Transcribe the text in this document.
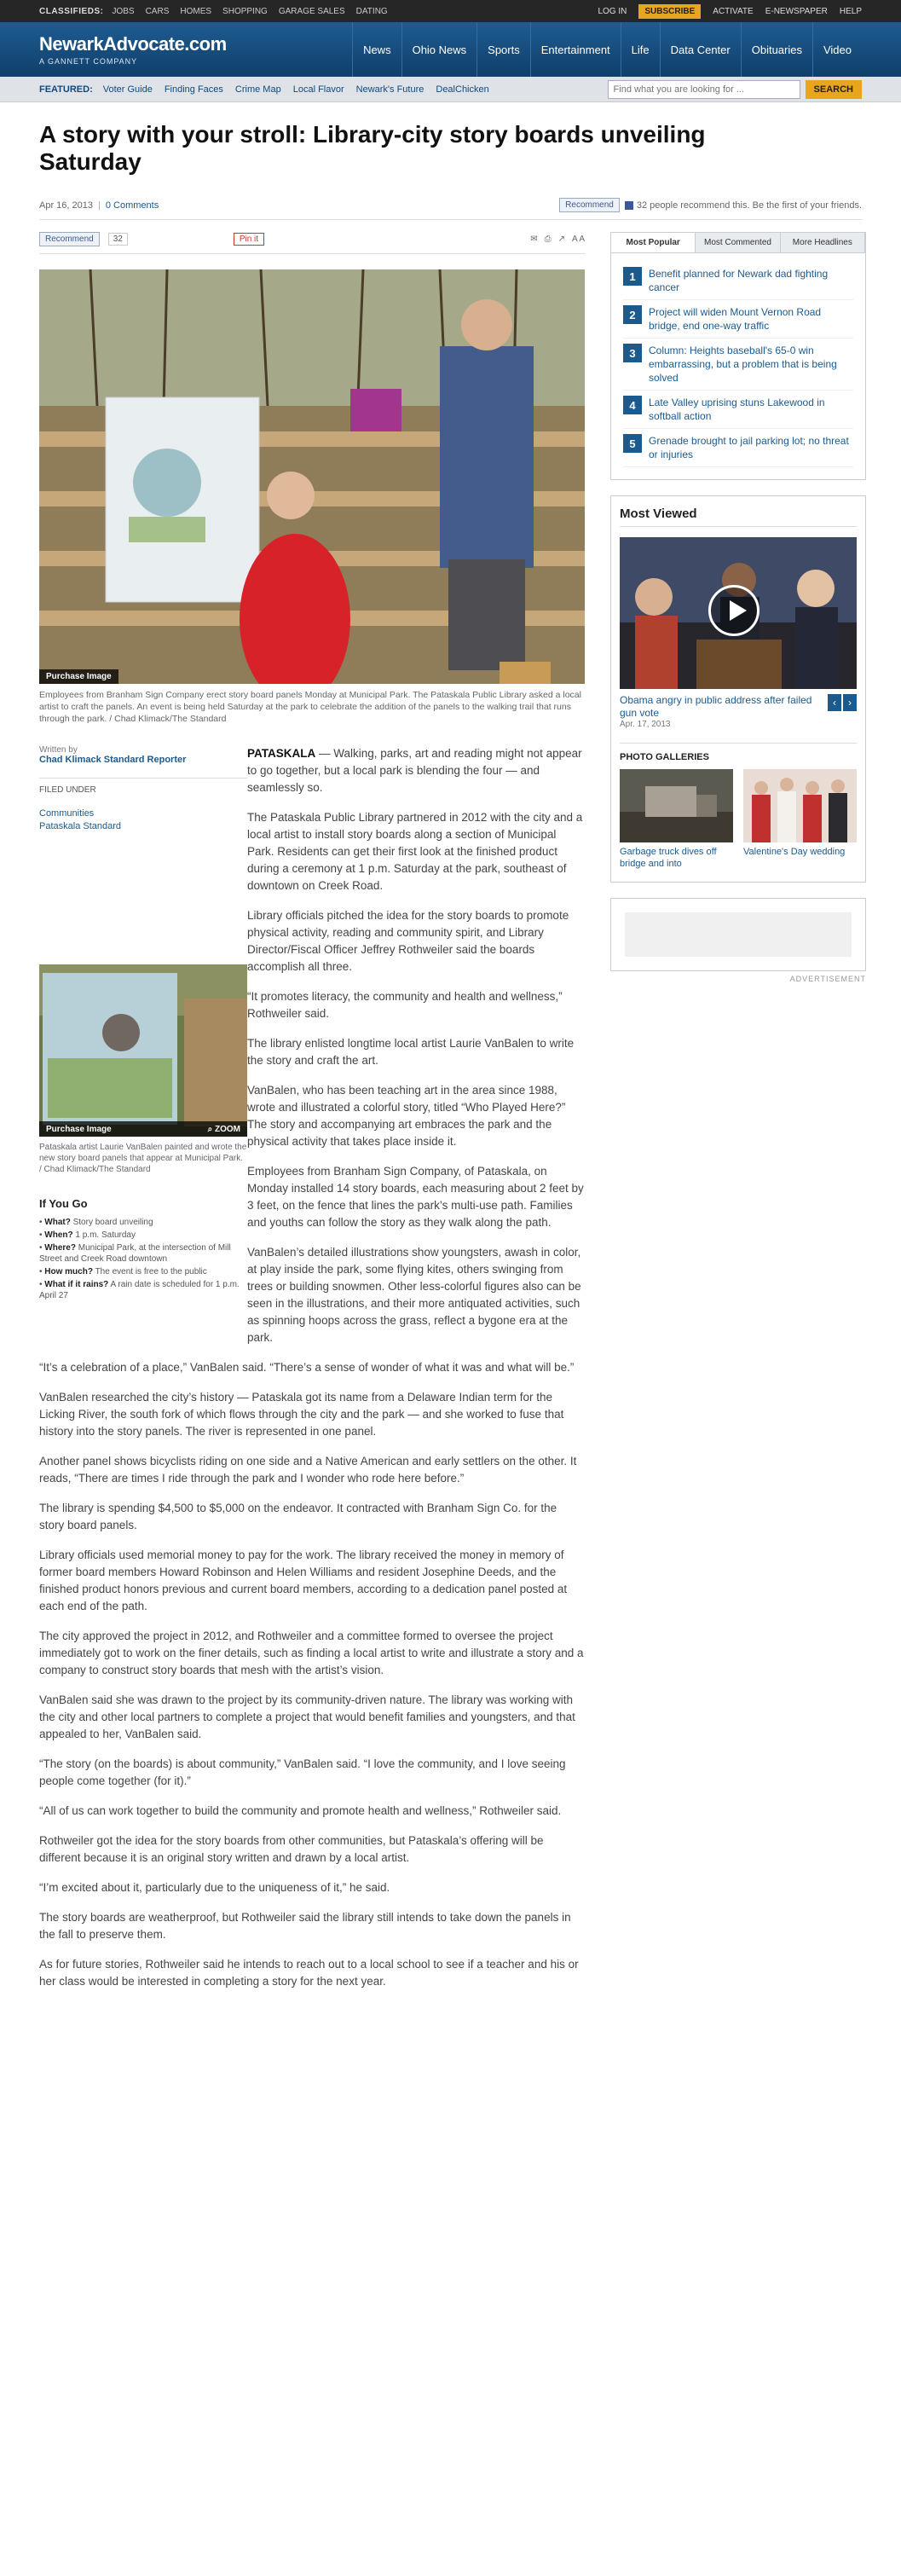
CLASSIFIEDS: JOBS CARS HOMES SHOPPING GARAGE SALES DATING	LOG IN	SUBSCRIBE	ACTIVATE E-NEWSPAPER HELP
NewarkAdvocate.com
A GANNETT COMPANY
News	Ohio News	Sports	Entertainment	Life	Data Center	Obituaries	Video
FEATURED: Voter Guide Finding Faces Crime Map Local Flavor Newark's Future DealChicken
Find what you are looking for ...	SEARCH
A story with your stroll: Library-city story boards unveiling Saturday
Apr 16, 2013 | 0 Comments	Recommend	32 people recommend this. Be the first of your friends.
Recommend	32	Pin it	✉ ⎙ ↗ A A
Purchase Image

Employees from Branham Sign Company erect story board panels Monday at Municipal Park. The Pataskala Public Library asked a local artist to craft the panels. An event is being held Saturday at the park to celebrate the addition of the panels to the walking trail that runs through the park. / Chad Klimack/The Standard

Written by
Chad Klimack Standard Reporter
FILED UNDER
Communities
Pataskala Standard
Purchase Image	⌕ ZOOM

Pataskala artist Laurie VanBalen painted and wrote the new story board panels that appear at Municipal Park. / Chad Klimack/The Standard

If You Go
• What? Story board unveiling
• When? 1 p.m. Saturday
• Where? Municipal Park, at the intersection of Mill Street and Creek Road downtown
• How much? The event is free to the public
• What if it rains? A rain date is scheduled for 1 p.m. April 27

PATASKALA — Walking, parks, art and reading might not appear to go together, but a local park is blending the four — and seamlessly so.

The Pataskala Public Library partnered in 2012 with the city and a local artist to install story boards along a section of Municipal Park. Residents can get their first look at the finished product during a ceremony at 1 p.m. Saturday at the park, southeast of downtown on Creek Road.

Library officials pitched the idea for the story boards to promote physical activity, reading and community spirit, and Library Director/Fiscal Officer Jeffrey Rothweiler said the boards accomplish all three.

“It promotes literacy, the community and health and wellness,” Rothweiler said.

The library enlisted longtime local artist Laurie VanBalen to write the story and craft the art.

VanBalen, who has been teaching art in the area since 1988, wrote and illustrated a colorful story, titled “Who Played Here?” The story and accompanying art embraces the park and the physical activity that takes place inside it.

Employees from Branham Sign Company, of Pataskala, on Monday installed 14 story boards, each measuring about 2 feet by 3 feet, on the fence that lines the park’s multi-use path. Families and youths can follow the story as they walk along the path.

VanBalen’s detailed illustrations show youngsters, awash in color, at play inside the park, some flying kites, others swinging from trees or building snowmen. Other less-colorful figures also can be seen in the illustrations, and their more antiquated activities, such as spinning hoops across the grass, reflect a bygone era at the park.

“It’s a celebration of a place,” VanBalen said. “There’s a sense of wonder of what it was and what will be.”

VanBalen researched the city’s history — Pataskala got its name from a Delaware Indian term for the Licking River, the south fork of which flows through the city and the park — and she worked to fuse that history into the story panels. The river is represented in one panel.

Another panel shows bicyclists riding on one side and a Native American and early settlers on the other. It reads, “There are times I ride through the park and I wonder who rode here before.”

The library is spending $4,500 to $5,000 on the endeavor. It contracted with Branham Sign Co. for the story board panels.

Library officials used memorial money to pay for the work. The library received the money in memory of former board members Howard Robinson and Helen Williams and resident Josephine Deeds, and the finished product honors previous and current board members, according to a dedication panel posted at each end of the path.

The city approved the project in 2012, and Rothweiler and a committee formed to oversee the project immediately got to work on the finer details, such as finding a local artist to write and illustrate a story and a company to construct story boards that mesh with the artist’s vision.

VanBalen said she was drawn to the project by its community-driven nature. The library was working with the city and other local partners to complete a project that would benefit families and youngsters, and that appealed to her, VanBalen said.

“The story (on the boards) is about community,” VanBalen said. “I love the community, and I love seeing people come together (for it).”

“All of us can work together to build the community and promote health and wellness,” Rothweiler said.

Rothweiler got the idea for the story boards from other communities, but Pataskala’s offering will be different because it is an original story written and drawn by a local artist.

“I’m excited about it, particularly due to the uniqueness of it,” he said.

The story boards are weatherproof, but Rothweiler said the library still intends to take down the panels in the fall to preserve them.

As for future stories, Rothweiler said he intends to reach out to a local school to see if a teacher and his or her class would be interested in completing a story for the next year.

Most Popular	Most Commented	More Headlines
1	Benefit planned for Newark dad fighting cancer
2	Project will widen Mount Vernon Road bridge, end one-way traffic
3	Column: Heights baseball's 65-0 win embarrassing, but a problem that is being solved
4	Late Valley uprising stuns Lakewood in softball action
5	Grenade brought to jail parking lot; no threat or injuries
Most Viewed
Obama angry in public address after failed gun vote
‹	›
Apr. 17, 2013
PHOTO GALLERIES
Garbage truck dives off bridge and into
Valentine's Day wedding
ADVERTISEMENT
